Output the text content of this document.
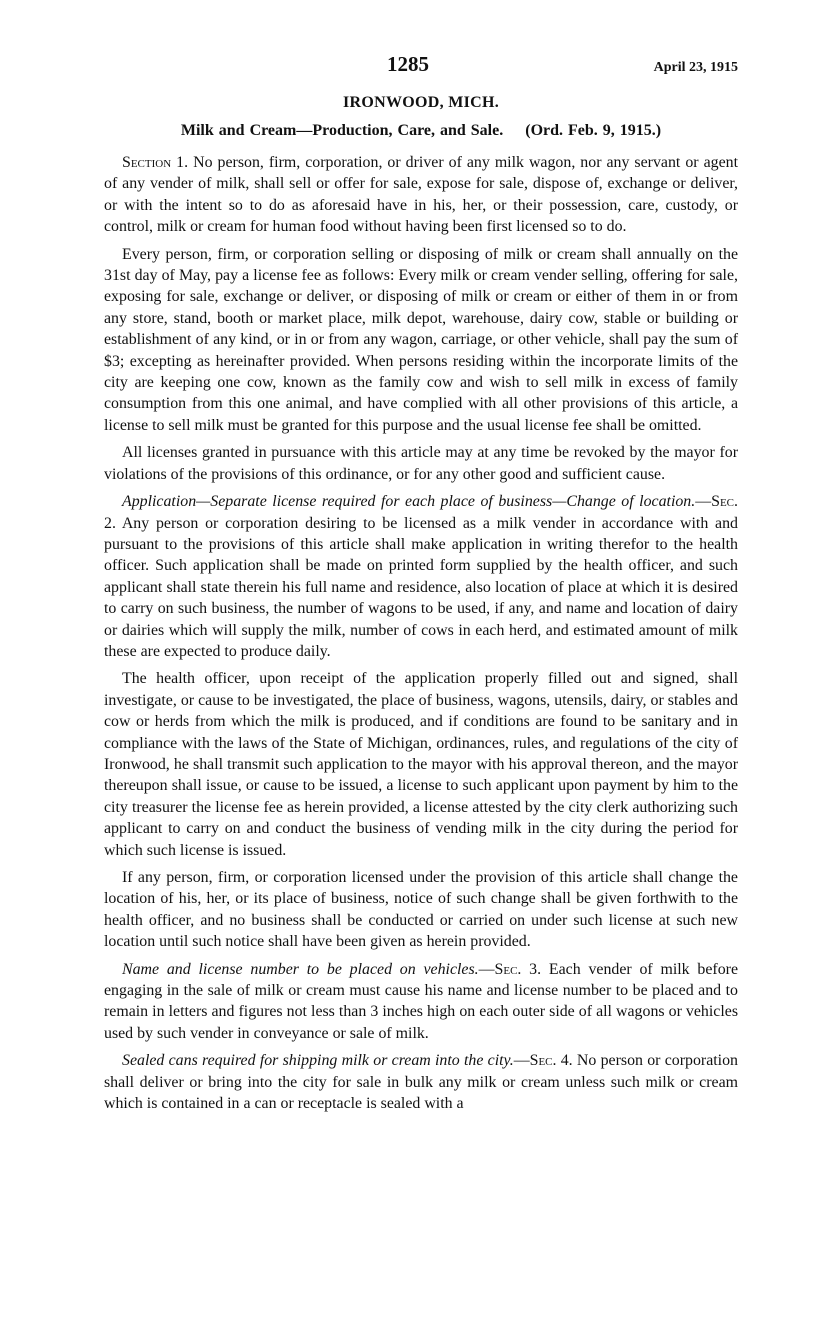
1285	April 23, 1915
IRONWOOD, MICH.
Milk and Cream—Production, Care, and Sale. (Ord. Feb. 9, 1915.)

Section 1. No person, firm, corporation, or driver of any milk wagon, nor any servant or agent of any vender of milk, shall sell or offer for sale, expose for sale, dispose of, exchange or deliver, or with the intent so to do as aforesaid have in his, her, or their possession, care, custody, or control, milk or cream for human food without having been first licensed so to do.

Every person, firm, or corporation selling or disposing of milk or cream shall annually on the 31st day of May, pay a license fee as follows: Every milk or cream vender selling, offering for sale, exposing for sale, exchange or deliver, or disposing of milk or cream or either of them in or from any store, stand, booth or market place, milk depot, warehouse, dairy cow, stable or building or establishment of any kind, or in or from any wagon, carriage, or other vehicle, shall pay the sum of $3; excepting as hereinafter provided. When persons residing within the incorporate limits of the city are keeping one cow, known as the family cow and wish to sell milk in excess of family consumption from this one animal, and have complied with all other provisions of this article, a license to sell milk must be granted for this purpose and the usual license fee shall be omitted.

All licenses granted in pursuance with this article may at any time be revoked by the mayor for violations of the provisions of this ordinance, or for any other good and sufficient cause.

Application—Separate license required for each place of business—Change of location.—Sec. 2. Any person or corporation desiring to be licensed as a milk vender in accordance with and pursuant to the provisions of this article shall make application in writing therefor to the health officer. Such application shall be made on printed form supplied by the health officer, and such applicant shall state therein his full name and residence, also location of place at which it is desired to carry on such business, the number of wagons to be used, if any, and name and location of dairy or dairies which will supply the milk, number of cows in each herd, and estimated amount of milk these are expected to produce daily.

The health officer, upon receipt of the application properly filled out and signed, shall investigate, or cause to be investigated, the place of business, wagons, utensils, dairy, or stables and cow or herds from which the milk is produced, and if conditions are found to be sanitary and in compliance with the laws of the State of Michigan, ordinances, rules, and regulations of the city of Ironwood, he shall transmit such application to the mayor with his approval thereon, and the mayor thereupon shall issue, or cause to be issued, a license to such applicant upon payment by him to the city treasurer the license fee as herein provided, a license attested by the city clerk authorizing such applicant to carry on and conduct the business of vending milk in the city during the period for which such license is issued.

If any person, firm, or corporation licensed under the provision of this article shall change the location of his, her, or its place of business, notice of such change shall be given forthwith to the health officer, and no business shall be conducted or carried on under such license at such new location until such notice shall have been given as herein provided.

Name and license number to be placed on vehicles.—Sec. 3. Each vender of milk before engaging in the sale of milk or cream must cause his name and license number to be placed and to remain in letters and figures not less than 3 inches high on each outer side of all wagons or vehicles used by such vender in conveyance or sale of milk.

Sealed cans required for shipping milk or cream into the city.—Sec. 4. No person or corporation shall deliver or bring into the city for sale in bulk any milk or cream unless such milk or cream which is contained in a can or receptacle is sealed with a
